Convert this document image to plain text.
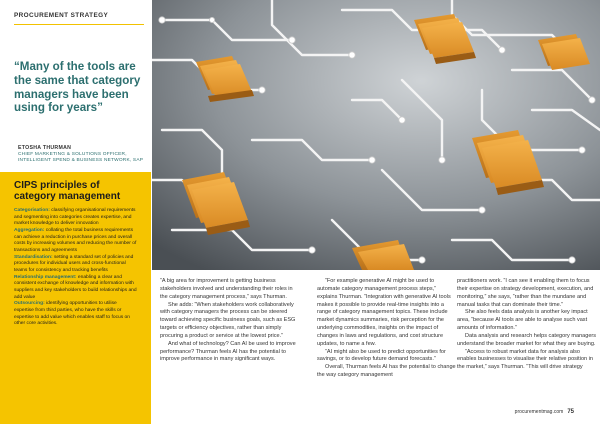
PROCUREMENT STRATEGY
“Many of the tools are the same that category managers have been using for years”
ETOSHA THURMAN
CHIEF MARKETING & SOLUTIONS OFFICER, INTELLIGENT SPEND & BUSINESS NETWORK, SAP
CIPS principles of category management
Categorisation: classifying organisational requirements and segmenting into categories creates expertise, and market knowledge to deliver innovation
Aggregation: collating the total business requirements can achieve a reduction in purchase prices and overall costs by increasing volumes and reducing the number of transactions and agreements
Standardisation: setting a standard set of policies and procedures for individual users and cross-functional teams for consistency and tracking benefits
Relationship management: enabling a clear and consistent exchange of knowledge and information with suppliers and key stakeholders to build relationships and add value
Outsourcing: identifying opportunities to utilise expertise from third parties, who have the skills or expertise to add value which enables staff to focus on other core activities.

“A big area for improvement is getting business stakeholders involved and understanding their roles in the category management process,” says Thurman.

She adds: “When stakeholders work collaboratively with category managers the process can be steered toward achieving specific business goals, such as ESG targets or efficiency objectives, rather than simply procuring a product or service at the lowest price.”

And what of technology? Can AI be used to improve performance? Thurman feels AI has the potential to improve performance in many significant ways.

“For example generative AI might be used to automate category management process steps,” explains Thurman. “Integration with generative AI tools makes it possible to provide real-time insights into a range of category management topics. These include market dynamics summaries, risk perception for the underlying commodities, insights on the impact of changes in laws and regulations, and cost structure updates, to name a few.

“AI might also be used to predict opportunities for savings, or to develop future demand forecasts.”

Overall, Thurman feels AI has the potential to change the way category management

practitioners work. “I can see it enabling them to focus their expertise on strategy development, execution, and monitoring,” she says, “rather than the mundane and manual tasks that can dominate their time.”

She also feels data analysis is another key impact area, “because AI tools are able to analyse such vast amounts of information.”

Data analysis and research helps category managers understand the broader market for what they are buying.

“Access to robust market data for analysis also enables businesses to visualise their relative position in the market,” says Thurman. “This will drive strategy

procurementmag.com 75
